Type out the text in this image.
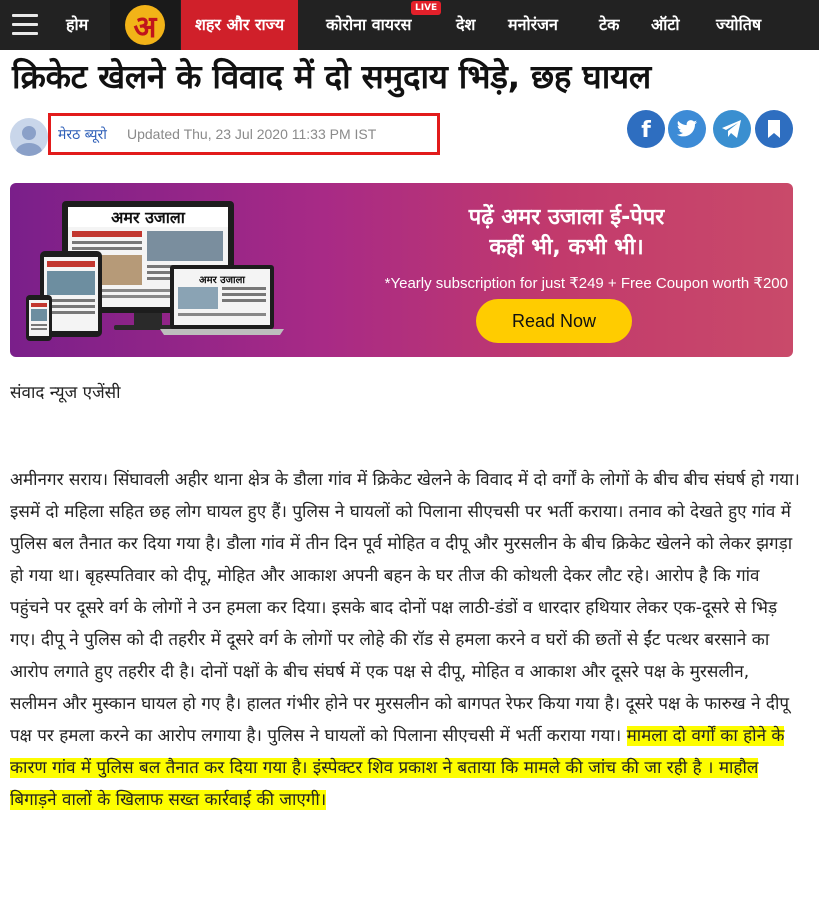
होम अ	शहर और राज्य	कोरोना वायरस
LIVE
देश मनोरंजन	टेक ऑटो ज्योतिष
क्रिकेट खेलने के विवाद में दो समुदाय भिड़े, छह घायल
मेरठ ब्यूरो Updated Thu, 23 Jul 2020 11:33 PM IST	f
अमर उजाला
अमर उजाला
पढ़ें अमर उजाला ई-पेपर
कहीं भी, कभी भी।
*Yearly subscription for just ₹249 + Free Coupon worth ₹200
Read Now
संवाद न्यूज एजेंसी

अमीनगर सराय। सिंघावली अहीर थाना क्षेत्र के डौला गांव में क्रिकेट खेलने के विवाद में दो वर्गों के लोगों के बीच बीच संघर्ष हो गया। इसमें दो महिला सहित छह लोग घायल हुए हैं। पुलिस ने घायलों को पिलाना सीएचसी पर भर्ती कराया। तनाव को देखते हुए गांव में पुलिस बल तैनात कर दिया गया है। डौला गांव में तीन दिन पूर्व मोहित व दीपू और मुरसलीन के बीच क्रिकेट खेलने को लेकर झगड़ा हो गया था। बृहस्पतिवार को दीपू, मोहित और आकाश अपनी बहन के घर तीज की कोथली देकर लौट रहे। आरोप है कि गांव पहुंचने पर दूसरे वर्ग के लोगों ने उन हमला कर दिया। इसके बाद दोनों पक्ष लाठी-डंडों व धारदार हथियार लेकर एक-दूसरे से भिड़ गए। दीपू ने पुलिस को दी तहरीर में दूसरे वर्ग के लोगों पर लोहे की रॉड से हमला करने व घरों की छतों से ईंट पत्थर बरसाने का आरोप लगाते हुए तहरीर दी है। दोनों पक्षों के बीच संघर्ष में एक पक्ष से दीपू, मोहित व आकाश और दूसरे पक्ष के मुरसलीन, सलीमन और मुस्कान घायल हो गए है। हालत गंभीर होने पर मुरसलीन को बागपत रेफर किया गया है। दूसरे पक्ष के फारुख ने दीपू पक्ष पर हमला करने का आरोप लगाया है। पुलिस ने घायलों को पिलाना सीएचसी में भर्ती कराया गया। मामला दो वर्गों का होने के कारण गांव में पुलिस बल तैनात कर दिया गया है। इंस्पेक्टर शिव प्रकाश ने बताया कि मामले की जांच की जा रही है । माहौल बिगाड़ने वालों के खिलाफ सख्त कार्रवाई की जाएगी।
